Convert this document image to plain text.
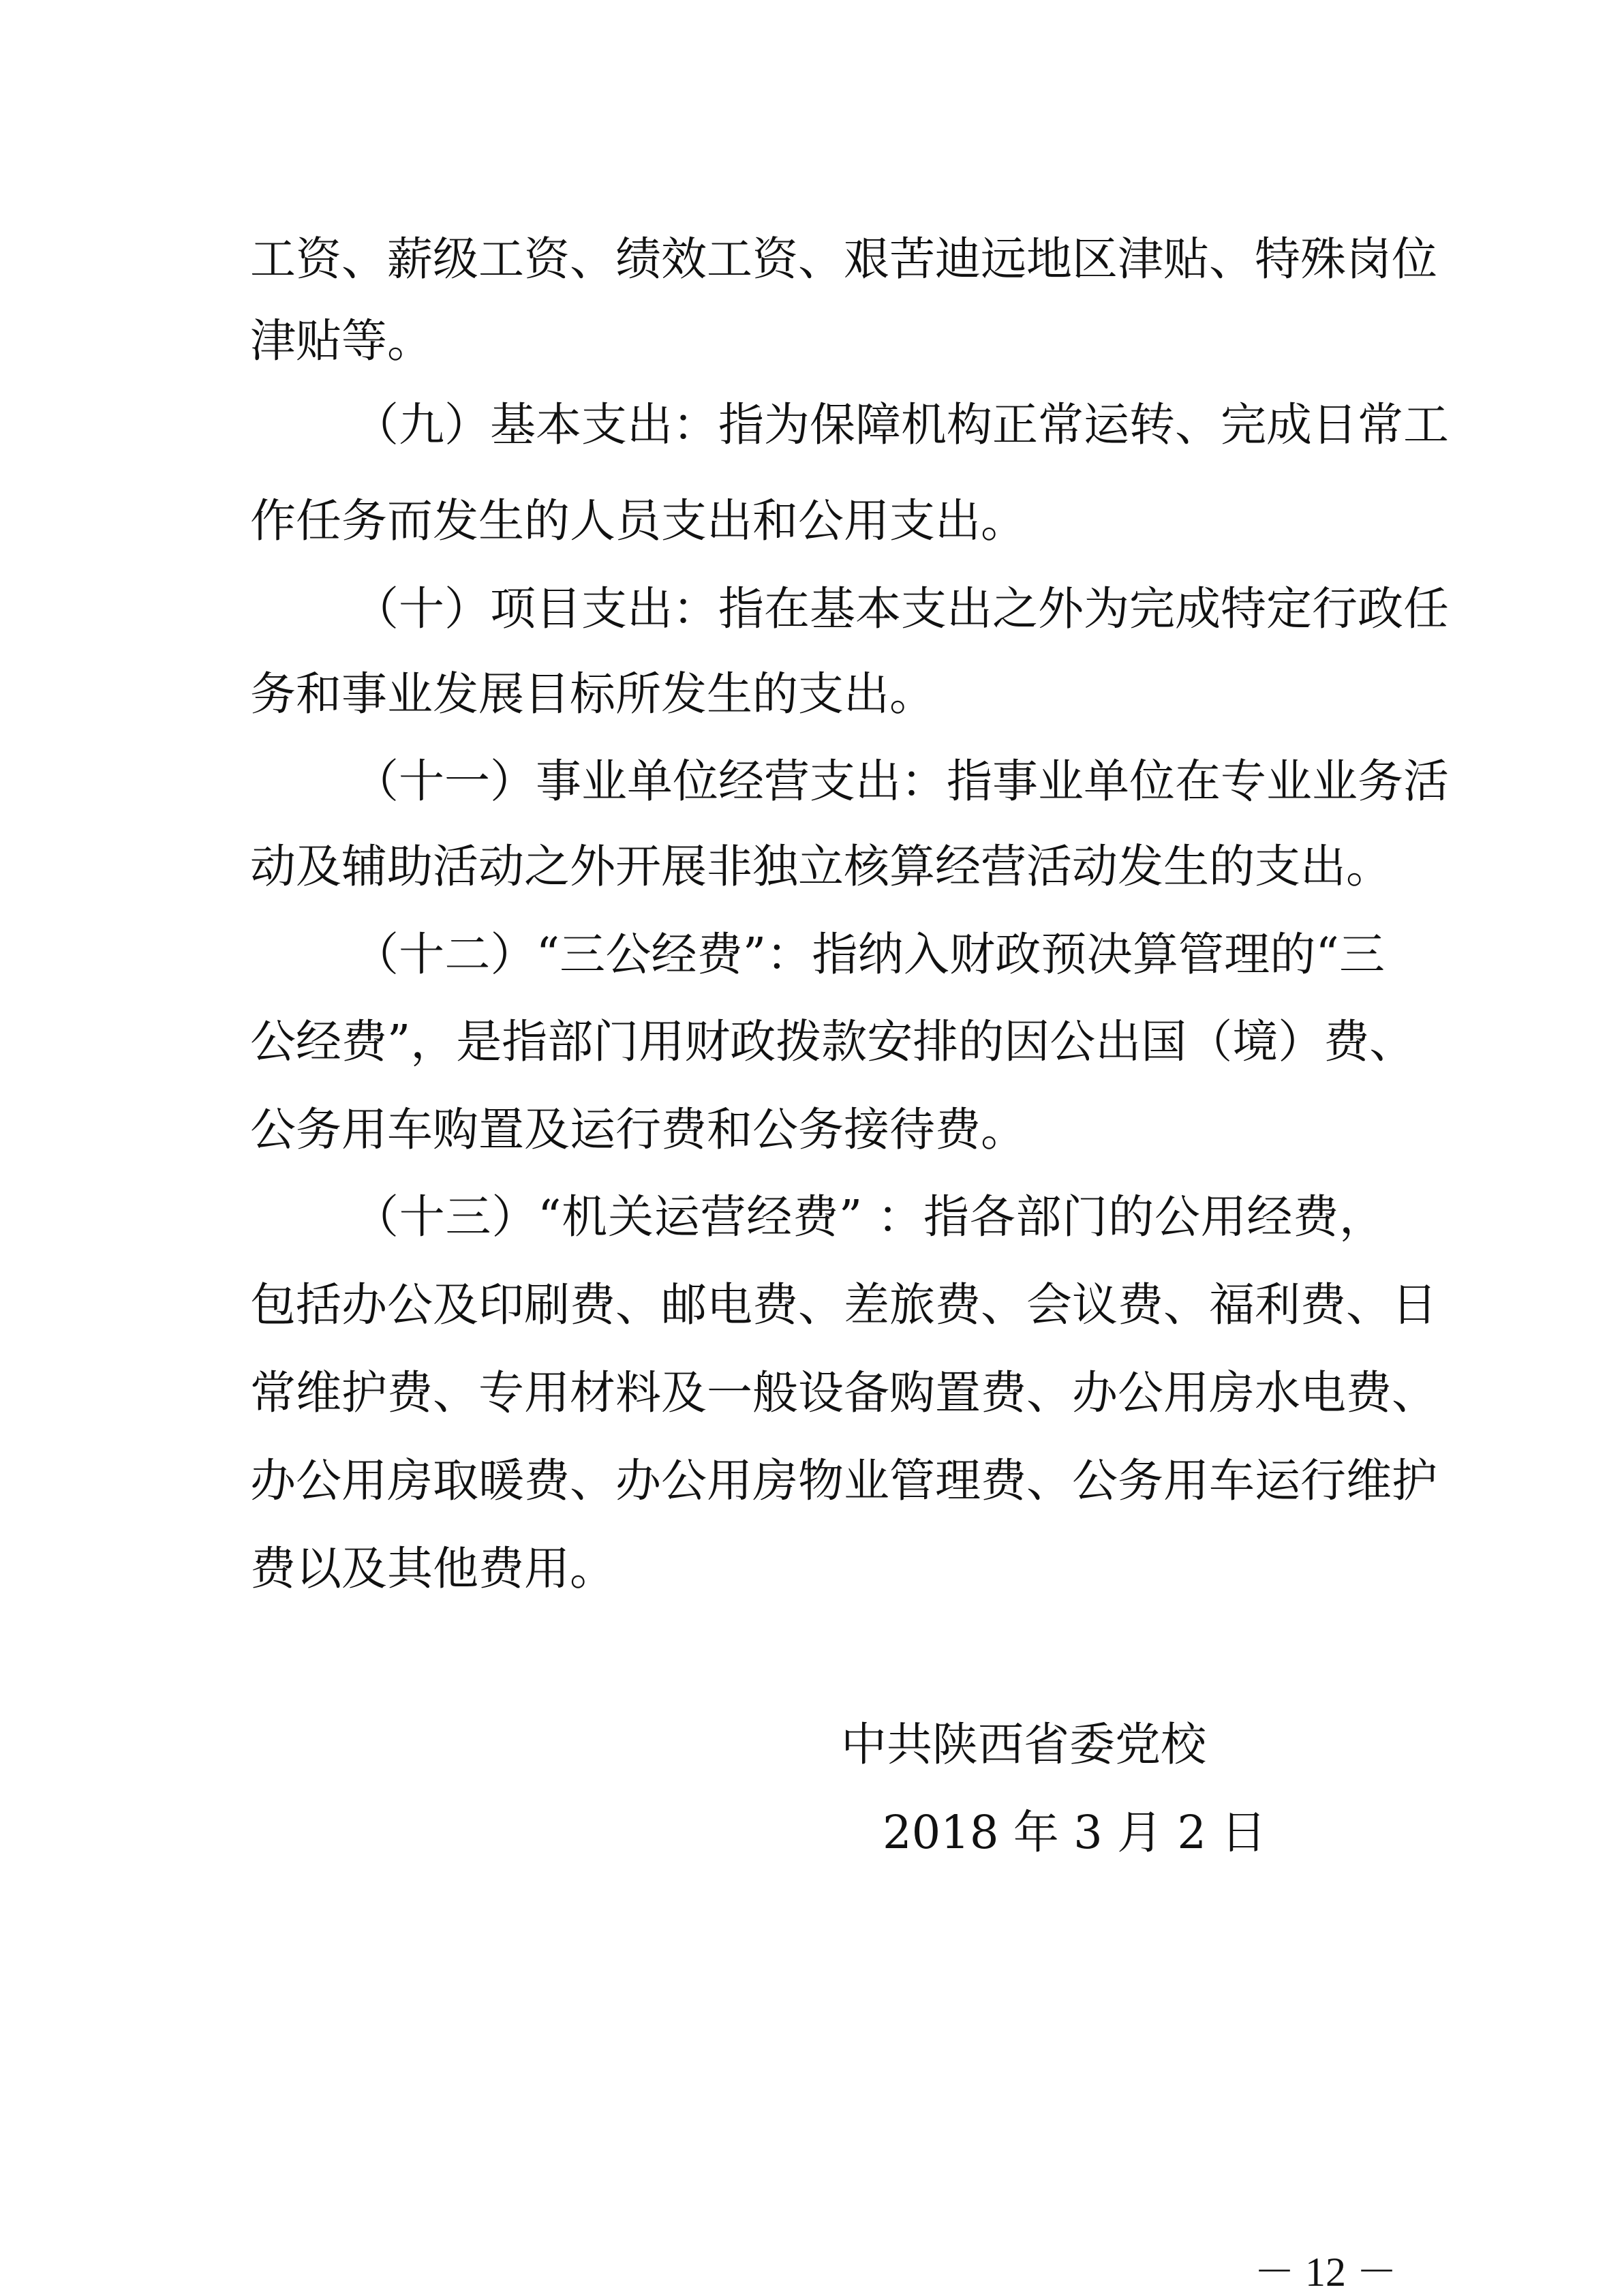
工资、薪级工资、绩效工资、艰苦迪远地区津贴、特殊岗位
津贴等。
（九）基本支出：指为保障机构正常运转、完成日常工
作任务而发生的人员支出和公用支出。
（十）项目支出：指在基本支出之外为完成特定行政任
务和事业发展目标所发生的支出。
（十一）事业单位经营支出：指事业单位在专业业务活
动及辅助活动之外开展非独立核算经营活动发生的支出。
（十二）“三公经费”：指纳入财政预决算管理的“三
公经费”，是指部门用财政拨款安排的因公出国（境）费、
公务用车购置及运行费和公务接待费。
（十三）“机关运营经费” ：指各部门的公用经费，
包括办公及印刷费、邮电费、差旅费、会议费、福利费、日
常维护费、专用材料及一般设备购置费、办公用房水电费、
办公用房取暖费、办公用房物业管理费、公务用车运行维护
费以及其他费用。
中共陕西省委党校
2018 年 3 月 2 日
－ 12 －
